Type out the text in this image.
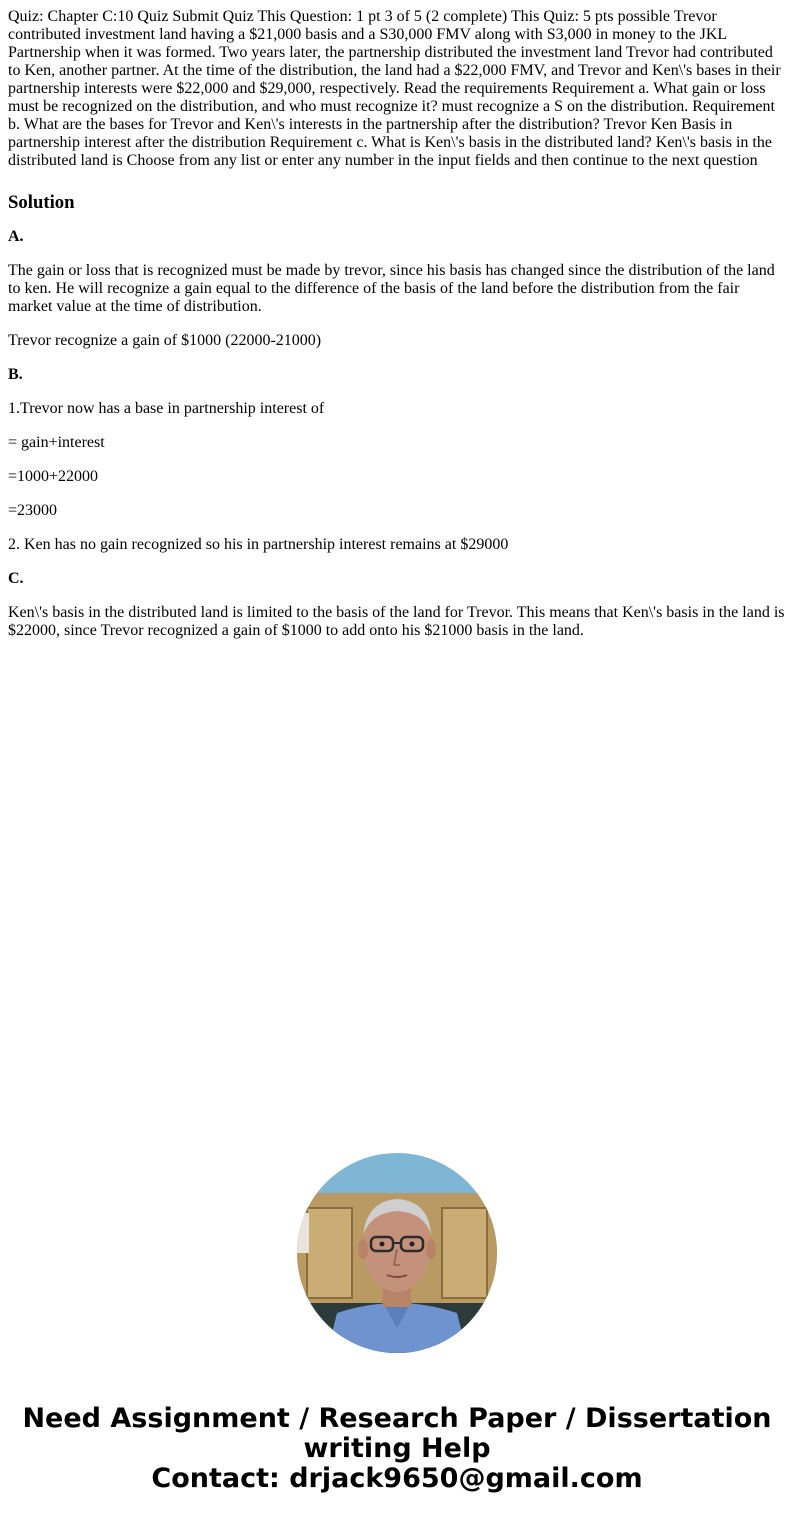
Quiz: Chapter C:10 Quiz Submit Quiz This Question: 1 pt 3 of 5 (2 complete) This Quiz: 5 pts possible Trevor contributed investment land having a $21,000 basis and a S30,000 FMV along with S3,000 in money to the JKL Partnership when it was formed. Two years later, the partnership distributed the investment land Trevor had contributed to Ken, another partner. At the time of the distribution, the land had a $22,000 FMV, and Trevor and Ken\'s bases in their partnership interests were $22,000 and $29,000, respectively. Read the requirements Requirement a. What gain or loss must be recognized on the distribution, and who must recognize it? must recognize a S on the distribution. Requirement b. What are the bases for Trevor and Ken\'s interests in the partnership after the distribution? Trevor Ken Basis in partnership interest after the distribution Requirement c. What is Ken\'s basis in the distributed land? Ken\'s basis in the distributed land is Choose from any list or enter any number in the input fields and then continue to the next question
Solution
A.

The gain or loss that is recognized must be made by trevor, since his basis has changed since the distribution of the land to ken. He will recognize a gain equal to the difference of the basis of the land before the distribution from the fair market value at the time of distribution.

Trevor recognize a gain of $1000 (22000-21000)

B.

1.Trevor now has a base in partnership interest of

= gain+interest

=1000+22000

=23000

2. Ken has no gain recognized so his in partnership interest remains at $29000

C.

Ken\'s basis in the distributed land is limited to the basis of the land for Trevor. This means that Ken\'s basis in the land is $22000, since Trevor recognized a gain of $1000 to add onto his $21000 basis in the land.

Need Assignment / Research Paper / Dissertation
writing Help
Contact: drjack9650@gmail.com
